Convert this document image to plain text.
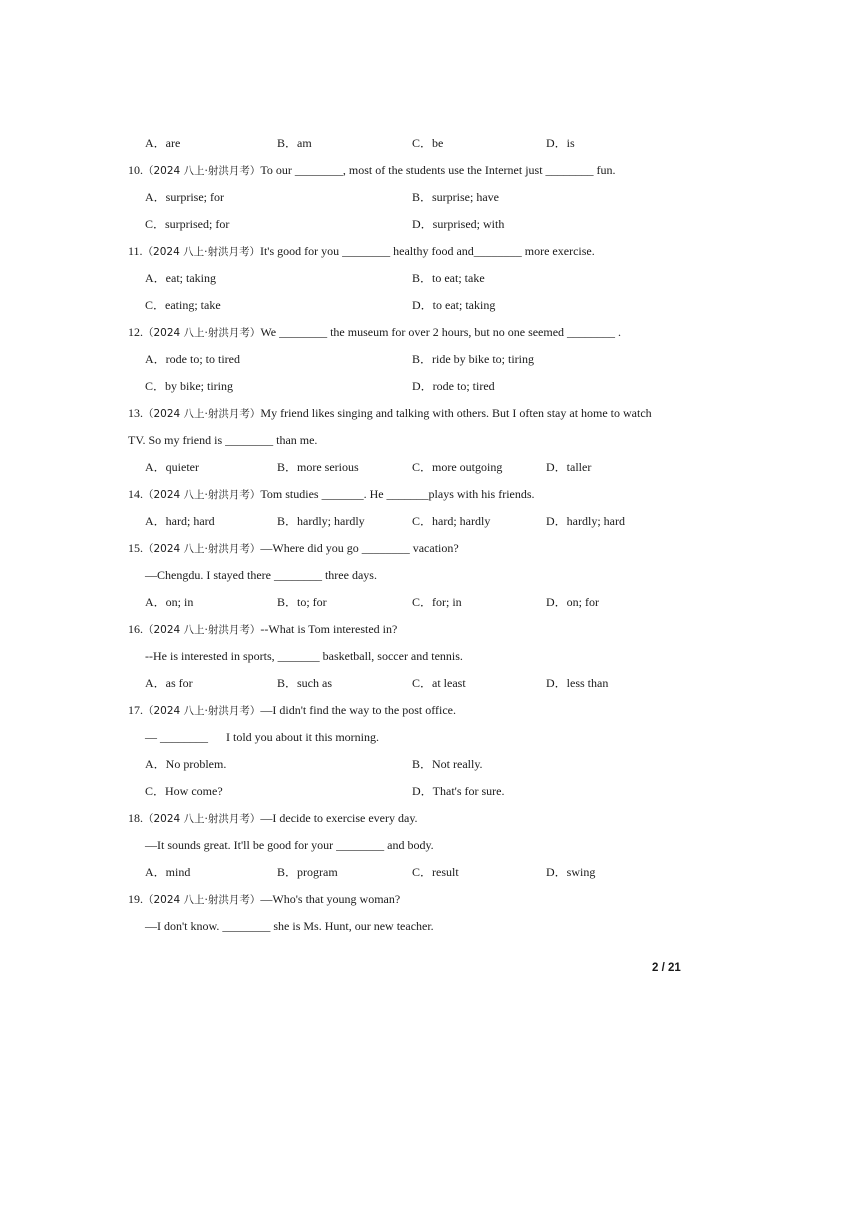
A．are	B．am	C．be	D．is
10.（2024 八上·射洪月考）To our ________, most of the students use the Internet just ________ fun.
A．surprise; for	B．surprise; have
C．surprised; for	D．surprised; with
11.（2024 八上·射洪月考）It's good for you ________ healthy food and________ more exercise.
A．eat; taking	B．to eat; take
C．eating; take	D．to eat; taking
12.（2024 八上·射洪月考）We ________ the museum for over 2 hours, but no one seemed ________ .
A．rode to; to tired	B．ride by bike to; tiring
C．by bike; tiring	D．rode to; tired
13.（2024 八上·射洪月考）My friend likes singing and talking with others. But I often stay at home to watch
TV. So my friend is ________ than me.
A．quieter	B．more serious	C．more outgoing	D．taller
14.（2024 八上·射洪月考）Tom studies _______. He _______plays with his friends.
A．hard; hard	B．hardly; hardly	C．hard; hardly	D．hardly; hard
15.（2024 八上·射洪月考）—Where did you go ________ vacation?
—Chengdu. I stayed there ________ three days.
A．on; in	B．to; for	C．for; in	D．on; for
16.（2024 八上·射洪月考）--What is Tom interested in?
--He is interested in sports, _______ basketball, soccer and tennis.
A．as for	B．such as	C．at least	D．less than
17.（2024 八上·射洪月考）—I didn't find the way to the post office.
— ________      I told you about it this morning.
A．No problem.	B．Not really.
C．How come?	D．That's for sure.
18.（2024 八上·射洪月考）—I decide to exercise every day.
—It sounds great. It'll be good for your ________ and body.
A．mind	B．program	C．result	D．swing
19.（2024 八上·射洪月考）—Who's that young woman?
—I don't know. ________ she is Ms. Hunt, our new teacher.
2 / 21
